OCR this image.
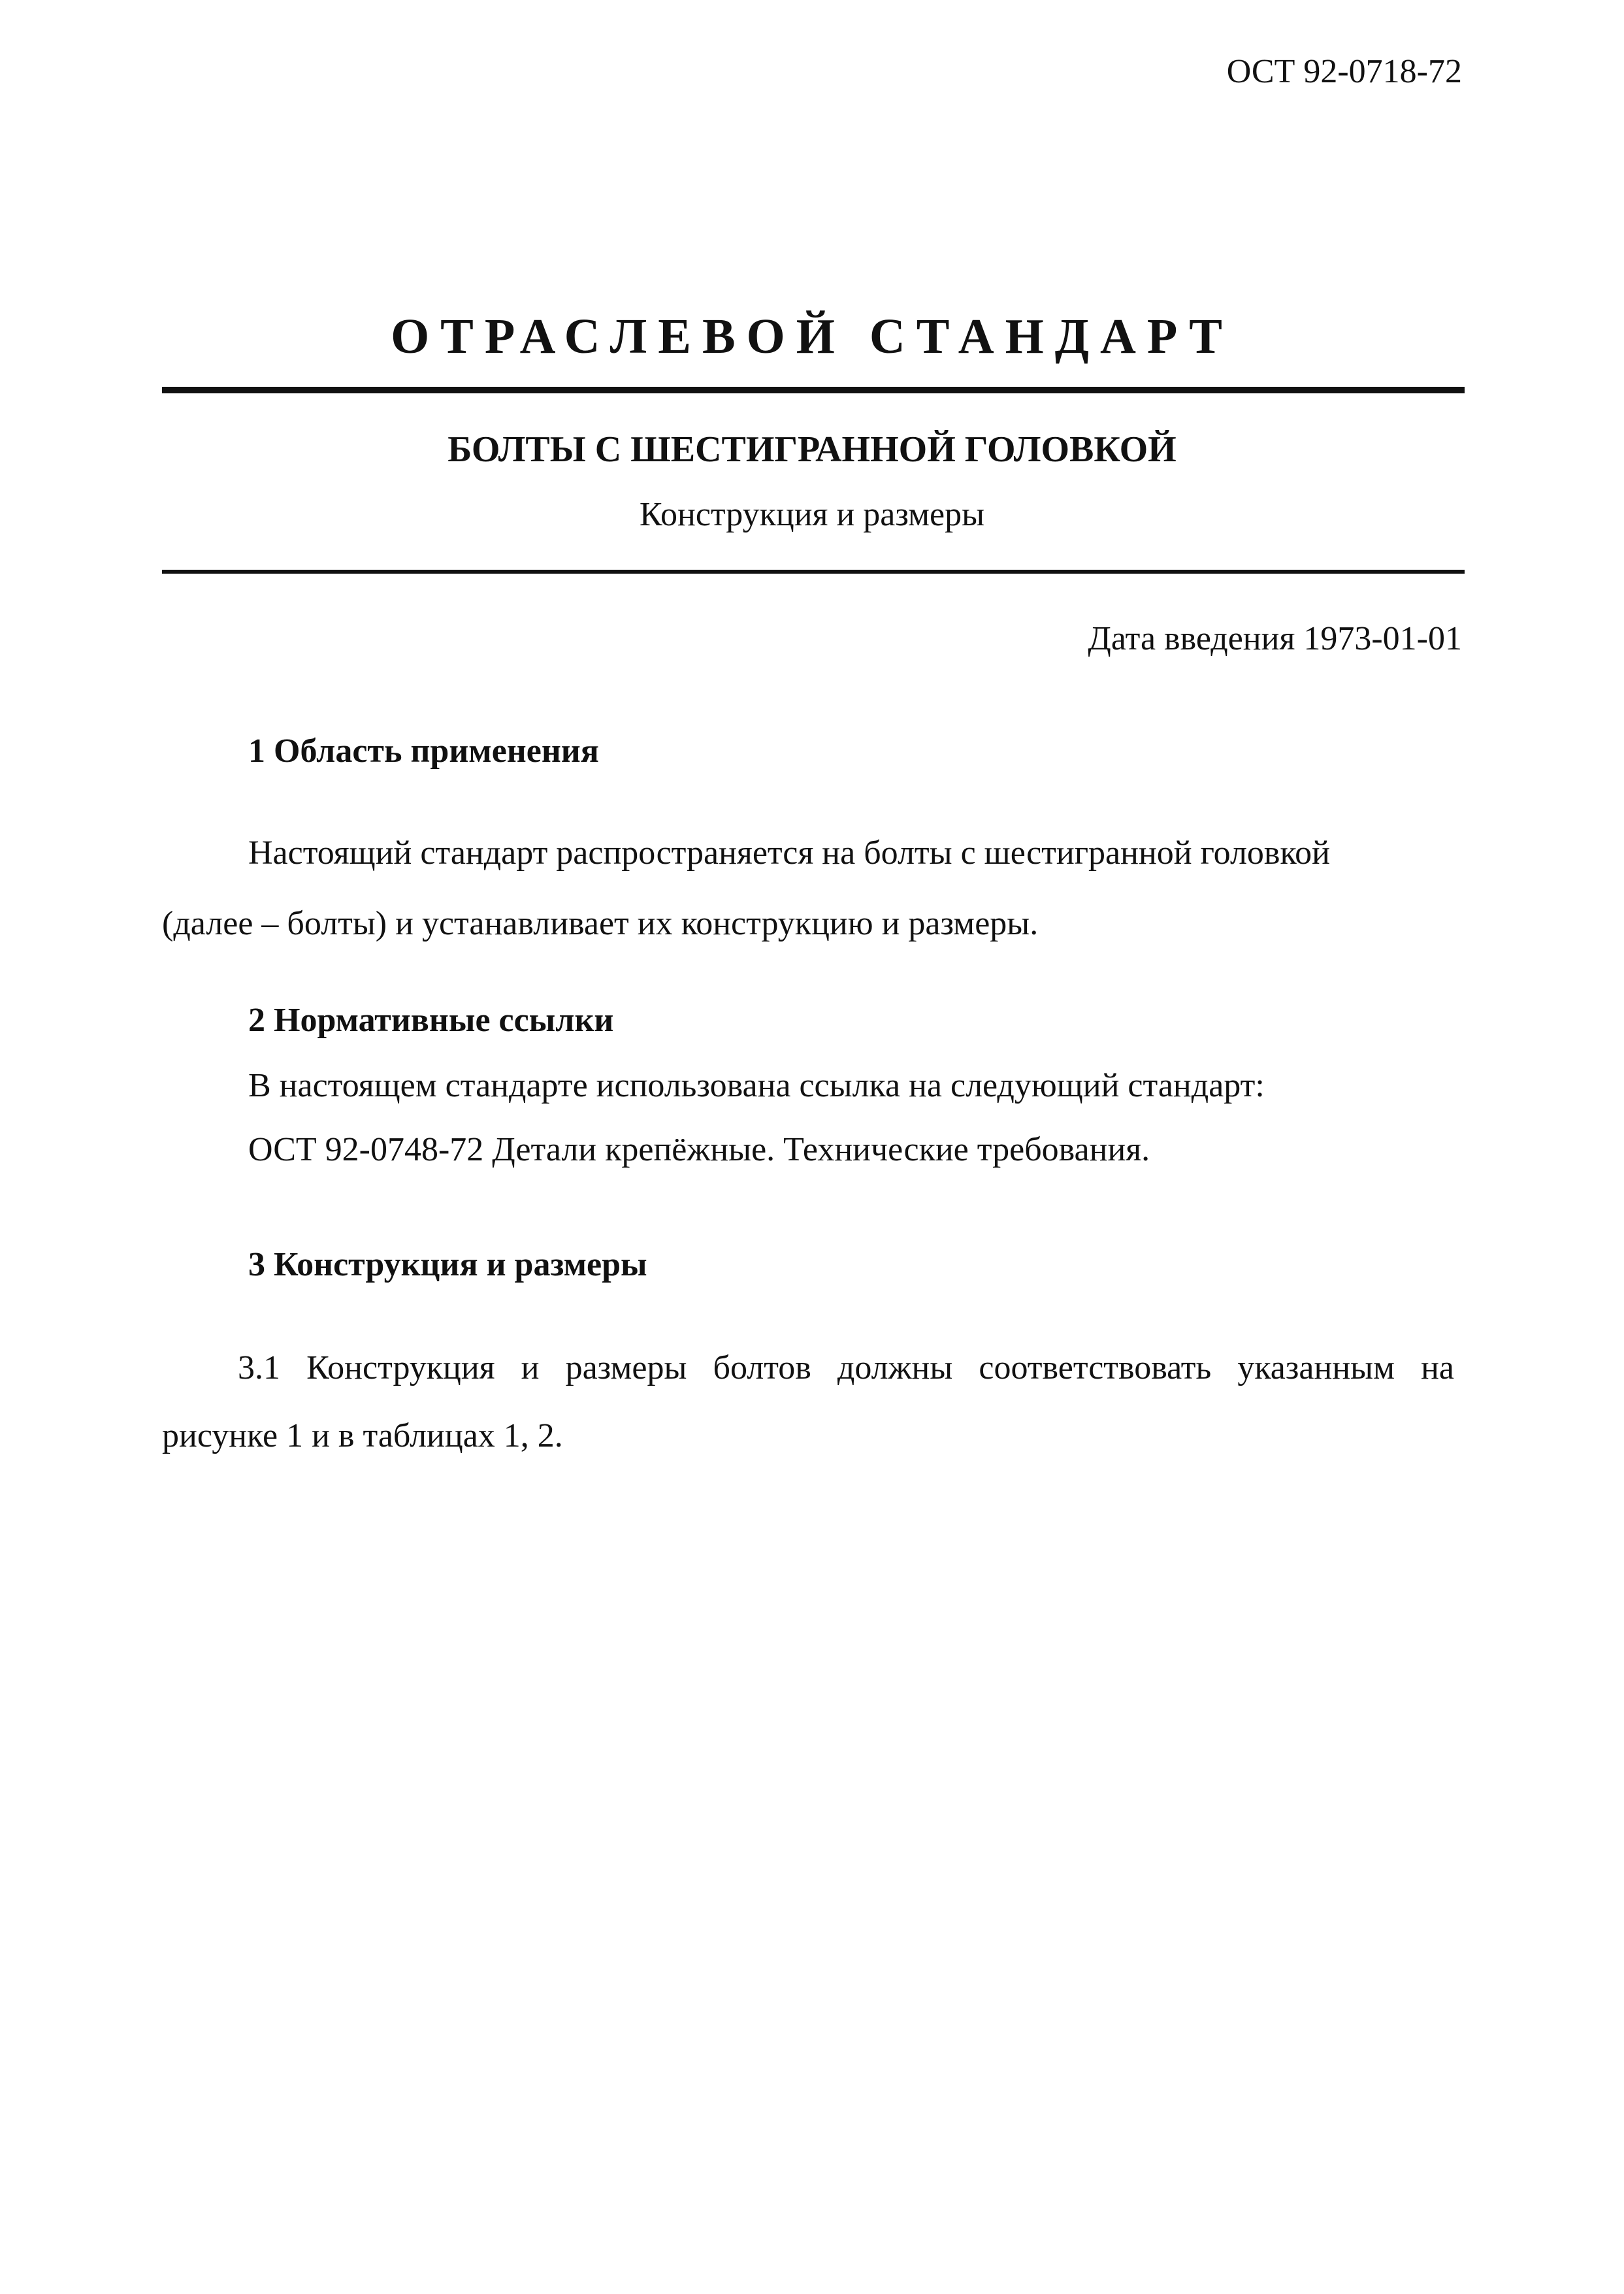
ОСТ 92-0718-72
ОТРАСЛЕВОЙ СТАНДАРТ
БОЛТЫ С ШЕСТИГРАННОЙ ГОЛОВКОЙ
Конструкция и размеры
Дата введения 1973-01-01
1 Область применения
Настоящий стандарт распространяется на болты с шестигранной головкой
(далее – болты) и устанавливает их конструкцию и размеры.
2 Нормативные ссылки
В настоящем стандарте использована ссылка на следующий стандарт:
ОСТ 92-0748-72 Детали крепёжные. Технические требования.
3 Конструкция и размеры
3.1 Конструкция и размеры болтов должны соответствовать указанным на
рисунке 1 и в таблицах 1, 2.
